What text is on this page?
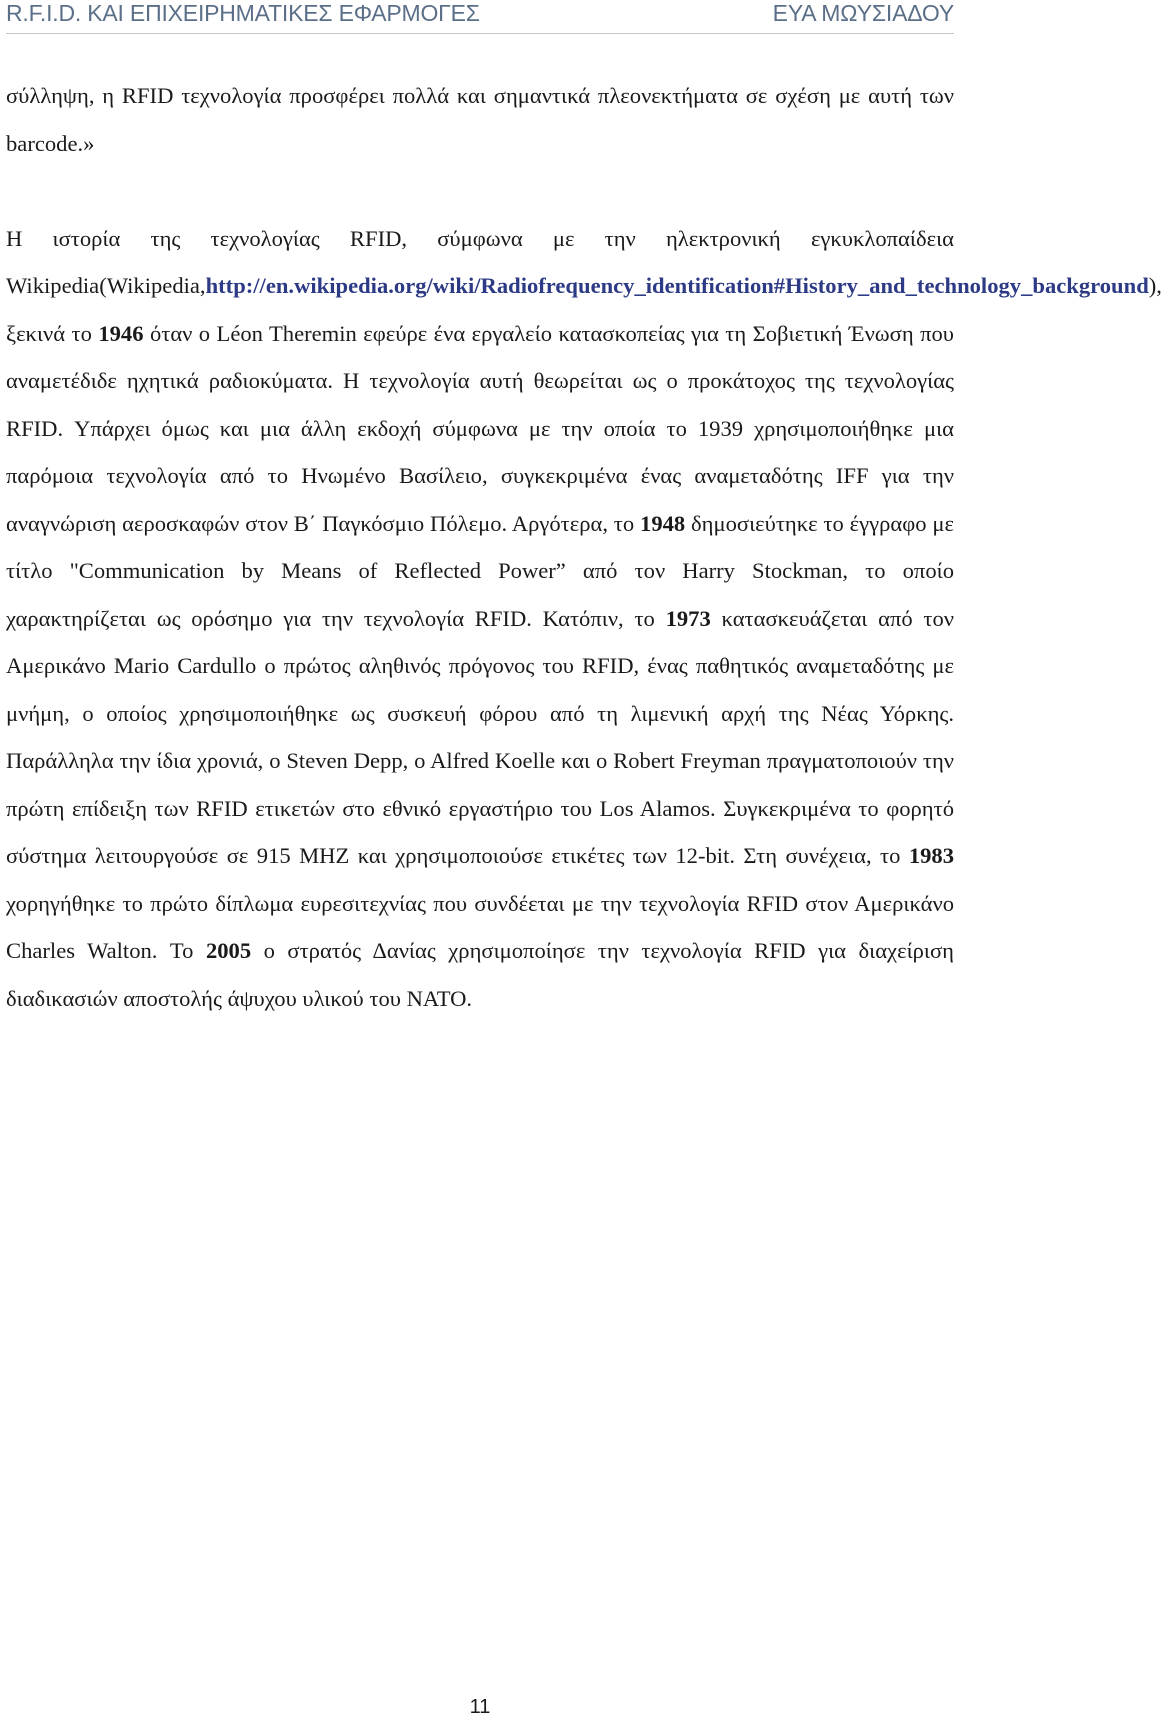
R.F.I.D. ΚΑΙ ΕΠΙΧΕΙΡΗΜΑΤΙΚΕΣ ΕΦΑΡΜΟΓΕΣ	ΕΥΑ ΜΩΥΣΙΑΔΟΥ

σύλληψη, η RFID τεχνολογία προσφέρει πολλά και σημαντικά πλεονεκτήματα σε σχέση με αυτή των barcode.»

Η ιστορία της τεχνολογίας RFID, σύμφωνα με την ηλεκτρονική εγκυκλοπαίδεια Wikipedia(Wikipedia,http://en.wikipedia.org/wiki/Radiofrequency_identification#History_and_technology_background), ξεκινά το 1946 όταν ο Léon Theremin εφεύρε ένα εργαλείο κατασκοπείας για τη Σοβιετική Ένωση που αναμετέδιδε ηχητικά ραδιοκύματα. Η τεχνολογία αυτή θεωρείται ως ο προκάτοχος της τεχνολογίας RFID. Υπάρχει όμως και μια άλλη εκδοχή σύμφωνα με την οποία το 1939 χρησιμοποιήθηκε μια παρόμοια τεχνολογία από το Ηνωμένο Βασίλειο, συγκεκριμένα ένας αναμεταδότης IFF για την αναγνώριση αεροσκαφών στον Β΄ Παγκόσμιο Πόλεμο. Αργότερα, το 1948 δημοσιεύτηκε το έγγραφο με τίτλο "Communication by Means of Reflected Power” από τον Harry Stockman, το οποίο χαρακτηρίζεται ως ορόσημο για την τεχνολογία RFID. Κατόπιν, το 1973 κατασκευάζεται από τον Αμερικάνο Mario Cardullo ο πρώτος αληθινός πρόγονος του RFID, ένας παθητικός αναμεταδότης με μνήμη, ο οποίος χρησιμοποιήθηκε ως συσκευή φόρου από τη λιμενική αρχή της Νέας Υόρκης. Παράλληλα την ίδια χρονιά, ο Steven Depp, o Alfred Koelle και ο Robert Freyman πραγματοποιούν την πρώτη επίδειξη των RFID ετικετών στο εθνικό εργαστήριο του Los Alamos. Συγκεκριμένα το φορητό σύστημα λειτουργούσε σε 915 MHZ και χρησιμοποιούσε ετικέτες των 12-bit. Στη συνέχεια, το 1983 χορηγήθηκε το πρώτο δίπλωμα ευρεσιτεχνίας που συνδέεται με την τεχνολογία RFID στον Αμερικάνο Charles Walton. Το 2005 ο στρατός Δανίας χρησιμοποίησε την τεχνολογία RFID για διαχείριση διαδικασιών αποστολής άψυχου υλικού του NATO.

11
